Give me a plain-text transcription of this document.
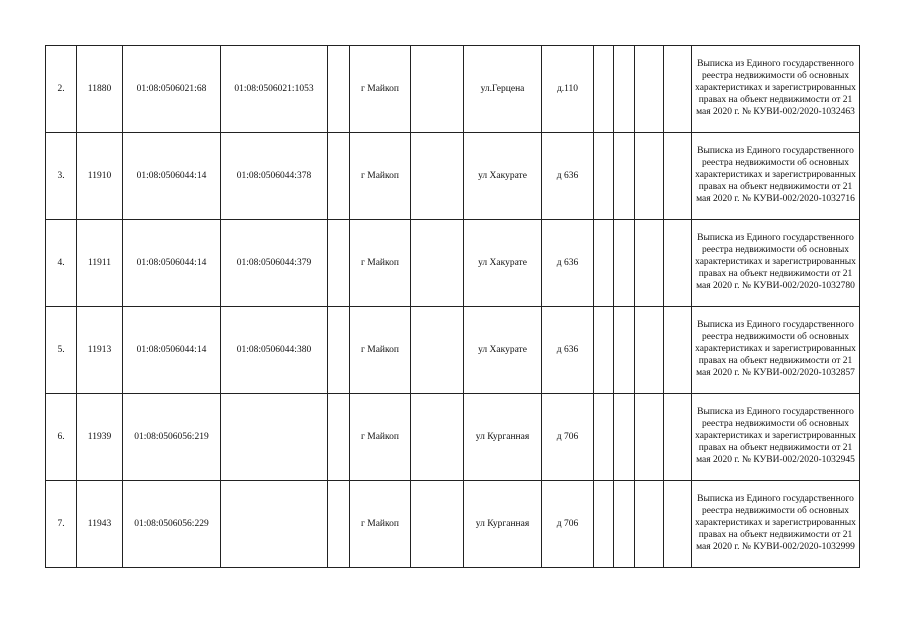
2.	11880	01:08:0506021:68	01:08:0506021:1053		г Майкоп		ул.Герцена	д.110					Выписка из Единого государственного реестра недвижимости об основных характеристиках и зарегистрированных правах на объект недвижимости от 21 мая 2020 г. № КУВИ-002/2020-1032463
3.	11910	01:08:0506044:14	01:08:0506044:378		г Майкоп		ул Хакурате	д 636					Выписка из Единого государственного реестра недвижимости об основных характеристиках и зарегистрированных правах на объект недвижимости от 21 мая 2020 г. № КУВИ-002/2020-1032716
4.	11911	01:08:0506044:14	01:08:0506044:379		г Майкоп		ул Хакурате	д 636					Выписка из Единого государственного реестра недвижимости об основных характеристиках и зарегистрированных правах на объект недвижимости от 21 мая 2020 г. № КУВИ-002/2020-1032780
5.	11913	01:08:0506044:14	01:08:0506044:380		г Майкоп		ул Хакурате	д 636					Выписка из Единого государственного реестра недвижимости об основных характеристиках и зарегистрированных правах на объект недвижимости от 21 мая 2020 г. № КУВИ-002/2020-1032857
6.	11939	01:08:0506056:219			г Майкоп		ул Курганная	д 706					Выписка из Единого государственного реестра недвижимости об основных характеристиках и зарегистрированных правах на объект недвижимости от 21 мая 2020 г. № КУВИ-002/2020-1032945
7.	11943	01:08:0506056:229			г Майкоп		ул Курганная	д 706					Выписка из Единого государственного реестра недвижимости об основных характеристиках и зарегистрированных правах на объект недвижимости от 21 мая 2020 г. № КУВИ-002/2020-1032999
